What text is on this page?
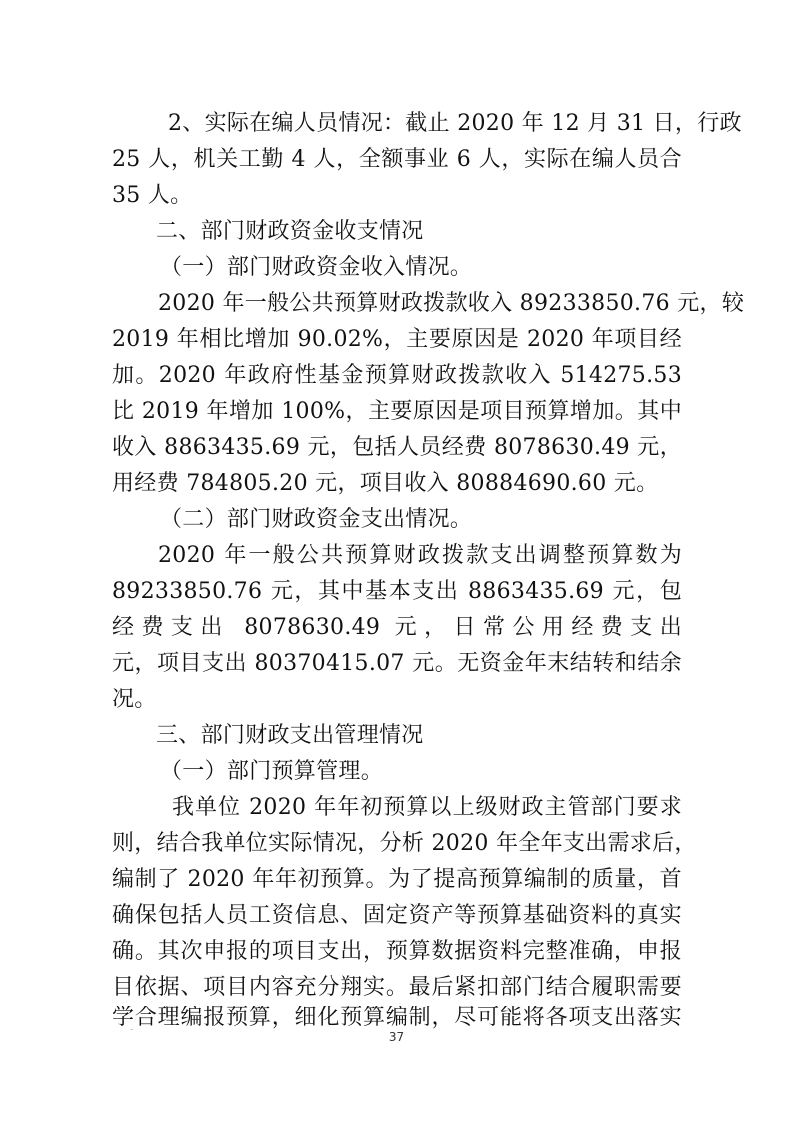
2、实际在编人员情况：截止 2020 年 12 月 31 日，行政
25 人，机关工勤 4 人，全额事业 6 人，实际在编人员合
35 人。
二、部门财政资金收支情况
（一）部门财政资金收入情况。
2020 年一般公共预算财政拨款收入 89233850.76 元，较
2019 年相比增加 90.02%，主要原因是 2020 年项目经
加。2020 年政府性基金预算财政拨款收入 514275.53
比 2019 年增加 100%，主要原因是项目预算增加。其中
收入 8863435.69 元，包括人员经费 8078630.49 元，
用经费 784805.20 元，项目收入 80884690.60 元。
（二）部门财政资金支出情况。
2020 年一般公共预算财政拨款支出调整预算数为
89233850.76 元，其中基本支出 8863435.69 元，包
经费支出 8078630.49 元，日常公用经费支出
元，项目支出 80370415.07 元。无资金年末结转和结余
况。
三、部门财政支出管理情况
（一）部门预算管理。
我单位 2020 年年初预算以上级财政主管部门要求
则，结合我单位实际情况，分析 2020 年全年支出需求后，
编制了 2020 年年初预算。为了提高预算编制的质量，首
确保包括人员工资信息、固定资产等预算基础资料的真实
确。其次申报的项目支出，预算数据资料完整准确，申报
目依据、项目内容充分翔实。最后紧扣部门结合履职需要
学合理编报预算，细化预算编制，尽可能将各项支出落实
37
